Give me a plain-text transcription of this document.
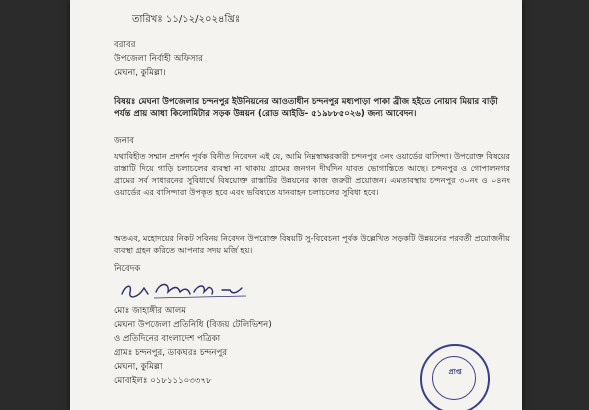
তারিখঃ ১১/১২/২০২৪খ্রিঃ
বরাবর
উপজেলা নির্বাহী অফিসার
মেঘনা, কুমিল্লা।
বিষয়ঃ মেঘনা উপজেলার চন্দনপুর ইউনিয়নের আওতাধীন চন্দনপুর মধ্যপাড়া পাকা ব্রীজ হইতে নোয়াব মিয়ার বাড়ী পর্যন্ত প্রায় আধা কিলোমিটার সড়ক উন্নয়ন (রোড আইডি- ৫১৯৮৮৫০২৬) জন্য আবেদন।
জনাব
যথাবিহীত সম্মান প্রদর্শন পূর্বক বিনীত নিবেদন এই যে, আমি নিম্নস্বাক্ষরকারী চন্দনপুর ৩নং ওয়ার্ডের বাসিন্দা। উপরোক্ত বিষয়ের রাস্তাটি দিয়ে গাড়ি চলাচলের ব্যবস্থা না থাকায় গ্রামের জনগন দীর্ঘদিন যাবত ভোগান্তিতে আছে। চন্দনপুর ও গোপালনগর গ্রামের সর্ব সাধারনের সুবিধার্থে বিষয়োক্ত রাস্তাটির উন্নয়নের কাজ জরুরী প্রয়োজন। এমতাবস্থায় চন্দনপুর ৩০নং ও ০৪নং ওয়ার্ডের এর বাসিন্দারা উপকৃত হবে এবং ভবিষ্যতে যানবাহন চলাচলের সুবিধা হবে।
অতএব, মহোদয়ের নিকট সবিনয় নিবেদন উপরোক্ত বিষয়টি সু-বিবেচনা পূর্বক উল্লেখিত সড়কটি উন্নয়নের পরবর্তী প্রয়োজনীয় ব্যবস্থা গ্রহন করিতে আপনার সদয় মর্জি হয়।
নিবেদক
মোঃ জাহাঙ্গীর আলম
মেঘনা উপজেলা প্রতিনিধি (বিজয় টেলিভিশন)
ও প্রতিদিনের বাংলাদেশ পত্রিকা
গ্রামঃ চন্দনপুর, ডাকঘরঃ চন্দনপুর
মেঘনা, কুমিল্লা
মোবাইলঃ ০১৮১১১০৩৩৭৮
প্রাপ্ত
